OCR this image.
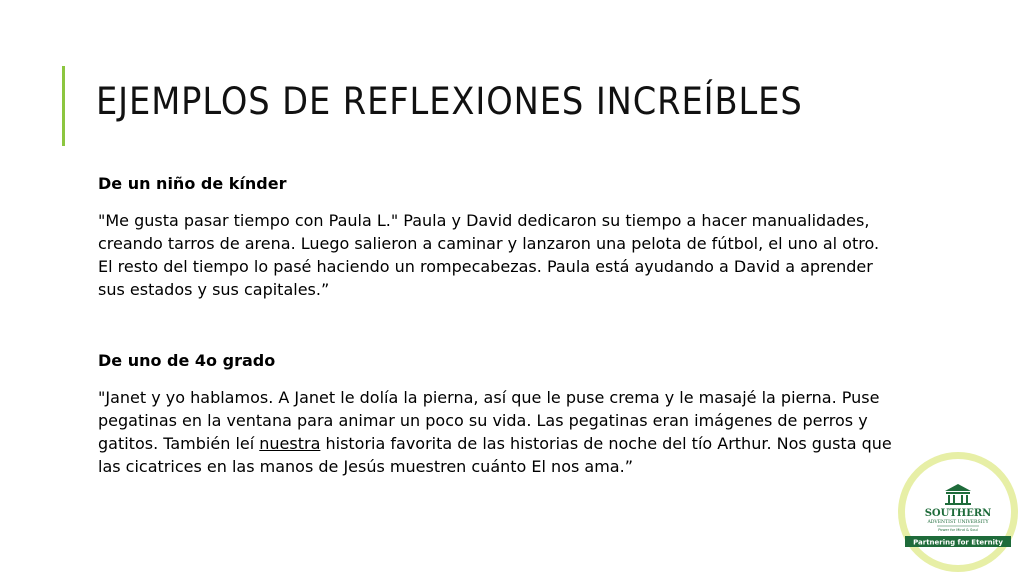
EJEMPLOS DE REFLEXIONES INCREÍBLES

De un niño de kínder

"Me gusta pasar tiempo con Paula L." Paula y David dedicaron su tiempo a hacer manualidades, creando tarros de arena. Luego salieron a caminar y lanzaron una pelota de fútbol, el uno al otro. El resto del tiempo lo pasé haciendo un rompecabezas. Paula está ayudando a David a aprender sus estados y sus capitales.”

De uno de 4o grado

"Janet y yo hablamos. A Janet le dolía la pierna, así que le puse crema y le masajé la pierna. Puse pegatinas en la ventana para animar un poco su vida. Las pegatinas eran imágenes de perros y gatitos. También leí nuestra historia favorita de las historias de noche del tío Arthur. Nos gusta que las cicatrices en las manos de Jesús muestren cuánto El nos ama.”

SOUTHERN
ADVENTIST UNIVERSITY
Power for Mind & Soul
Partnering for Eternity
